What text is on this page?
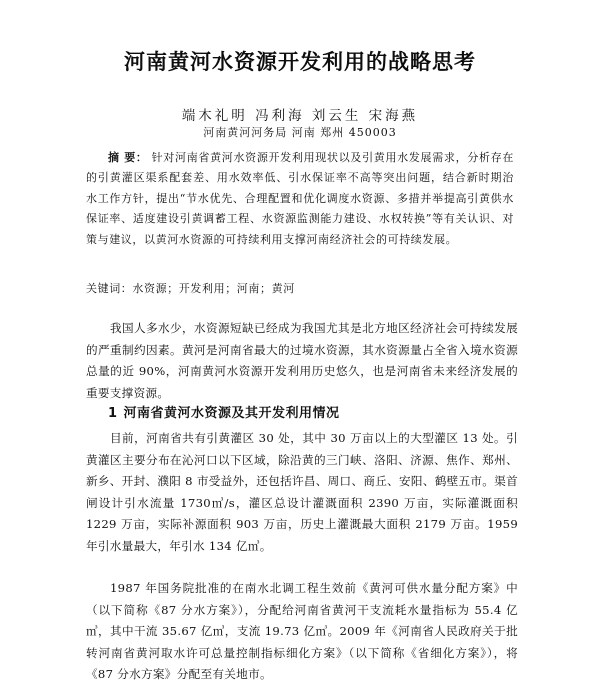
河南黄河水资源开发利用的战略思考
端木礼明 冯利海 刘云生 宋海燕
河南黄河河务局 河南 郑州 450003
摘 要： 针对河南省黄河水资源开发利用现状以及引黄用水发展需求，分析存在的引黄灌区渠系配套差、用水效率低、引水保证率不高等突出问题，结合新时期治水工作方针，提出“节水优先、合理配置和优化调度水资源、多措并举提高引黄供水保证率、适度建设引黄调蓄工程、水资源监测能力建设、水权转换”等有关认识、对策与建议，以黄河水资源的可持续利用支撑河南经济社会的可持续发展。
关键词：水资源；开发利用；河南；黄河

我国人多水少，水资源短缺已经成为我国尤其是北方地区经济社会可持续发展的严重制约因素。黄河是河南省最大的过境水资源，其水资源量占全省入境水资源总量的近 90%，河南黄河水资源开发利用历史悠久，也是河南省未来经济发展的重要支撑资源。

1 河南省黄河水资源及其开发利用情况

目前，河南省共有引黄灌区 30 处，其中 30 万亩以上的大型灌区 13 处。引黄灌区主要分布在沁河口以下区域，除沿黄的三门峡、洛阳、济源、焦作、郑州、新乡、开封、濮阳 8 市受益外，还包括许昌、周口、商丘、安阳、鹤壁五市。渠首闸设计引水流量 1730㎥/s，灌区总设计灌溉面积 2390 万亩，实际灌溉面积 1229 万亩，实际补源面积 903 万亩，历史上灌溉最大面积 2179 万亩。1959 年引水量最大，年引水 134 亿㎥。

1987 年国务院批准的在南水北调工程生效前《黄河可供水量分配方案》中（以下简称《87 分水方案》），分配给河南省黄河干支流耗水量指标为 55.4 亿㎥，其中干流 35.67 亿㎥，支流 19.73 亿㎥。2009 年《河南省人民政府关于批转河南省黄河取水许可总量控制指标细化方案》（以下简称《省细化方案》），将《87 分水方案》分配至有关地市。
